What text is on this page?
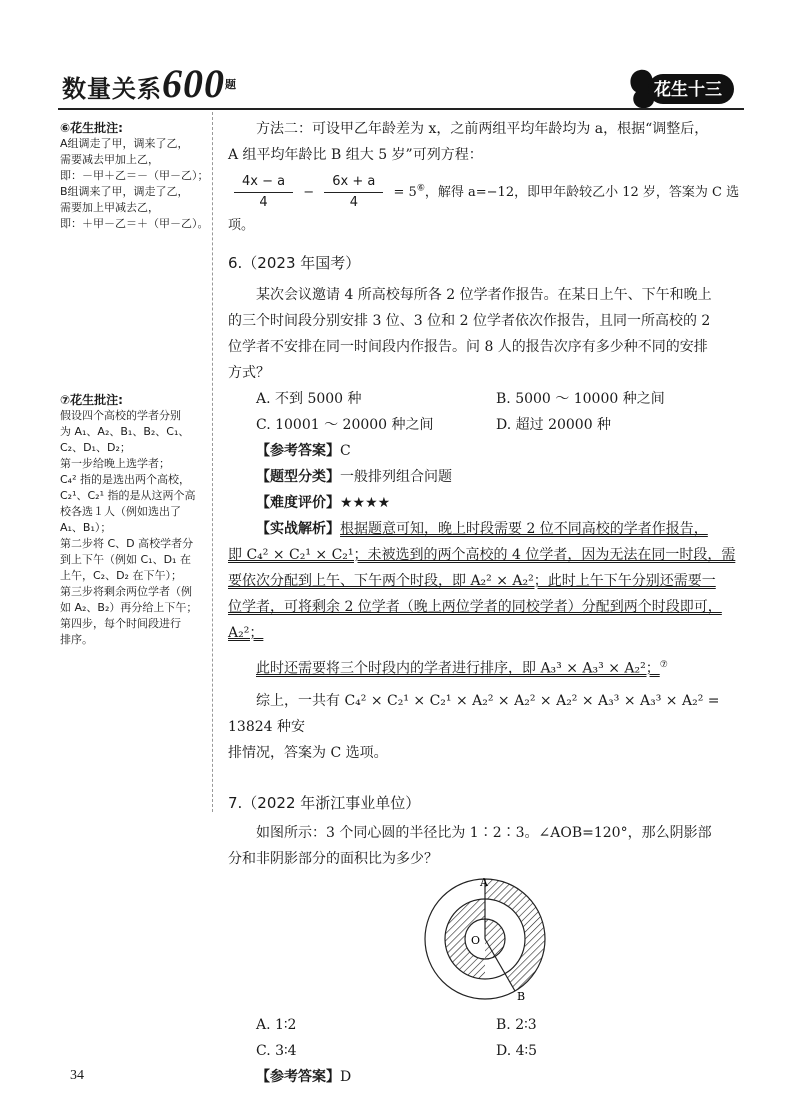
数量关系$600^题$	花生十三
⑥花生批注:
A组调走了甲，调来了乙，
需要减去甲加上乙，
即：－甲＋乙＝－（甲－乙）；
B组调来了甲，调走了乙，
需要加上甲减去乙，
即：＋甲－乙＝＋（甲－乙）。
⑦花生批注:
假设四个高校的学者分别
为 A₁、A₂、B₁、B₂、C₁、
C₂、D₁、D₂；
第一步给晚上选学者；
C₄² 指的是选出两个高校，
C₂¹、C₂¹ 指的是从这两个高
校各选１人（例如选出了
A₁、B₁）；
第二步将 C、D 高校学者分
到上下午（例如 C₁、D₁ 在
上午，C₂、D₂ 在下午）；
第三步将剩余两位学者（例
如 A₂、B₂）再分给上下午；
第四步，每个时间段进行
排序。

方法二：可设甲乙年龄差为 x，之前两组平均年龄均为 a，根据“调整后，

A 组平均年龄比 B 组大 5 岁”可列方程：

$\frac{4x - a}{4} - \frac{6x + a}{4} = 5^⑥$，解得 a=−12，即甲年龄较乙小 12 岁，答案为 C 选项。

6.（2023 年国考）

某次会议邀请 4 所高校每所各 2 位学者作报告。在某日上午、下午和晚上

的三个时间段分别安排 3 位、3 位和 2 位学者依次作报告，且同一所高校的 2

位学者不安排在同一时间段内作报告。问 8 人的报告次序有多少种不同的安排

方式？

A. 不到 5000 种	B. 5000 ～ 10000 种之间
C. 10001 ～ 20000 种之间	D. 超过 20000 种

【参考答案】C

【题型分类】一般排列组合问题

【难度评价】★★★★

【实战解析】根据题意可知，晚上时段需要 2 位不同高校的学者作报告，

即 C₄² × C₂¹ × C₂¹；未被选到的两个高校的 4 位学者，因为无法在同一时段，需

要依次分配到上午、下午两个时段，即 A₂² × A₂²；此时上午下午分别还需要一

位学者，可将剩余 2 位学者（晚上两位学者的同校学者）分配到两个时段即可，

A₂²；

此时还需要将三个时段内的学者进行排序，即 A₃³ × A₃³ × A₂²；⑦

综上，一共有 C₄² × C₂¹ × C₂¹ × A₂² × A₂² × A₂² × A₃³ × A₃³ × A₂² = 13824 种安

排情况，答案为 C 选项。

7.（2022 年浙江事业单位）

如图所示：3 个同心圆的半径比为 1∶2∶3。∠AOB=120°，那么阴影部

分和非阴影部分的面积比为多少？

A
B
O
A. 1∶2	B. 2∶3
C. 3∶4	D. 4∶5

【参考答案】D

34
